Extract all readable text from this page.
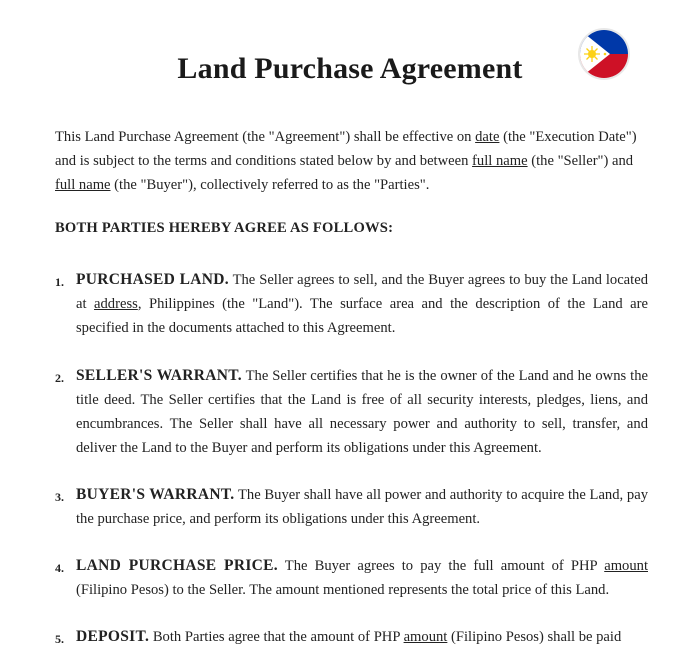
Land Purchase Agreement

This Land Purchase Agreement (the "Agreement") shall be effective on date (the "Execution Date") and is subject to the terms and conditions stated below by and between full name (the "Seller") and full name (the "Buyer"), collectively referred to as the "Parties".

BOTH PARTIES HEREBY AGREE AS FOLLOWS:

1. PURCHASED LAND. The Seller agrees to sell, and the Buyer agrees to buy the Land located at address, Philippines (the "Land"). The surface area and the description of the Land are specified in the documents attached to this Agreement.
2. SELLER'S WARRANT. The Seller certifies that he is the owner of the Land and he owns the title deed. The Seller certifies that the Land is free of all security interests, pledges, liens, and encumbrances. The Seller shall have all necessary power and authority to sell, transfer, and deliver the Land to the Buyer and perform its obligations under this Agreement.
3. BUYER'S WARRANT. The Buyer shall have all power and authority to acquire the Land, pay the purchase price, and perform its obligations under this Agreement.
4. LAND PURCHASE PRICE. The Buyer agrees to pay the full amount of PHP amount (Filipino Pesos) to the Seller. The amount mentioned represents the total price of this Land.
5. DEPOSIT. Both Parties agree that the amount of PHP amount (Filipino Pesos) shall be paid
